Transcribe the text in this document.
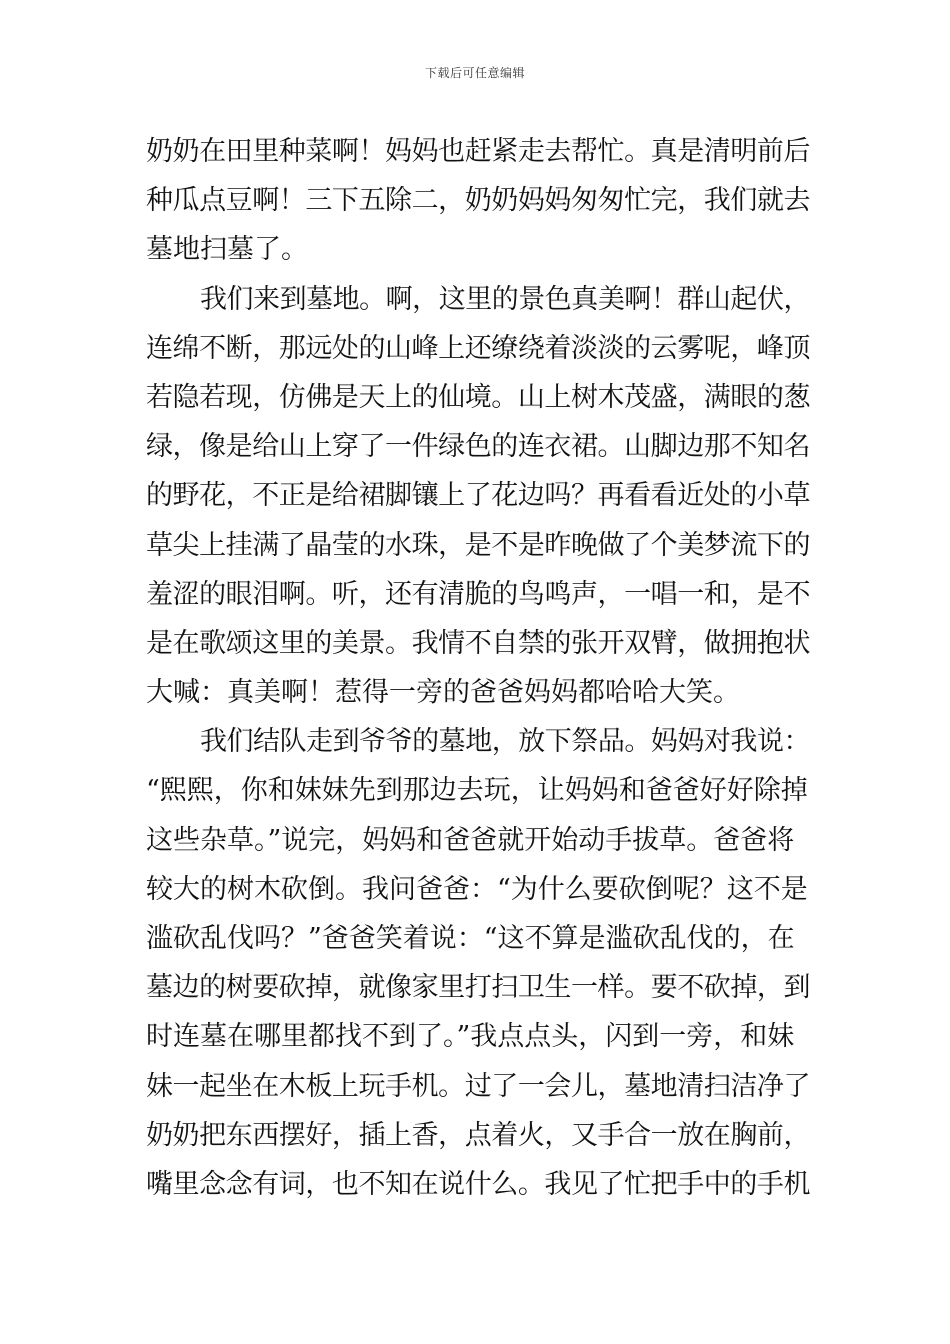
下载后可任意编辑
奶奶在田里种菜啊！妈妈也赶紧走去帮忙。真是清明前后
种瓜点豆啊！三下五除二，奶奶妈妈匆匆忙完，我们就去
墓地扫墓了。
我们来到墓地。啊，这里的景色真美啊！群山起伏，
连绵不断，那远处的山峰上还缭绕着淡淡的云雾呢，峰顶
若隐若现，仿佛是天上的仙境。山上树木茂盛，满眼的葱
绿，像是给山上穿了一件绿色的连衣裙。山脚边那不知名
的野花，不正是给裙脚镶上了花边吗？再看看近处的小草
草尖上挂满了晶莹的水珠，是不是昨晚做了个美梦流下的
羞涩的眼泪啊。听，还有清脆的鸟鸣声，一唱一和，是不
是在歌颂这里的美景。我情不自禁的张开双臂，做拥抱状
大喊：真美啊！惹得一旁的爸爸妈妈都哈哈大笑。
我们结队走到爷爷的墓地，放下祭品。妈妈对我说：
“熙熙，你和妹妹先到那边去玩，让妈妈和爸爸好好除掉
这些杂草。”说完，妈妈和爸爸就开始动手拔草。爸爸将
较大的树木砍倒。我问爸爸：“为什么要砍倒呢？这不是
滥砍乱伐吗？”爸爸笑着说：“这不算是滥砍乱伐的，在
墓边的树要砍掉，就像家里打扫卫生一样。要不砍掉，到
时连墓在哪里都找不到了。”我点点头，闪到一旁，和妹
妹一起坐在木板上玩手机。过了一会儿，墓地清扫洁净了
奶奶把东西摆好，插上香，点着火，又手合一放在胸前，
嘴里念念有词，也不知在说什么。我见了忙把手中的手机
